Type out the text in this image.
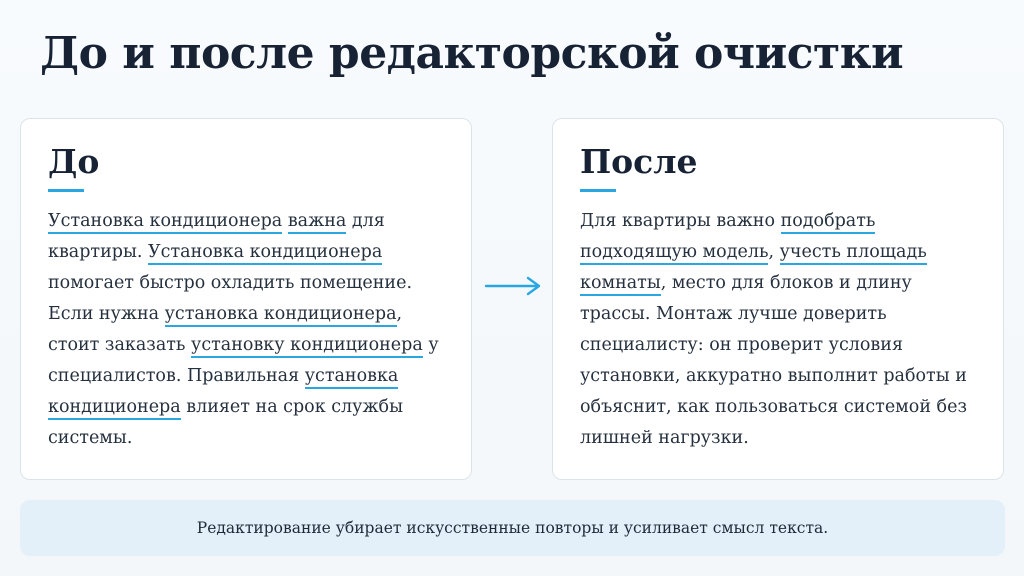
До и после редакторской очистки
До

Установка кондиционера важна для квартиры. Установка кондиционера помогает быстро охладить помещение. Если нужна установка кондиционера, стоит заказать установку кондиционера у специалистов. Правильная установка кондиционера влияет на срок службы системы.

После

Для квартиры важно подобрать подходящую модель, учесть площадь комнаты, место для блоков и длину трассы. Монтаж лучше доверить специалисту: он проверит условия установки, аккуратно выполнит работы и объяснит, как пользоваться системой без лишней нагрузки.

Редактирование убирает искусственные повторы и усиливает смысл текста.
